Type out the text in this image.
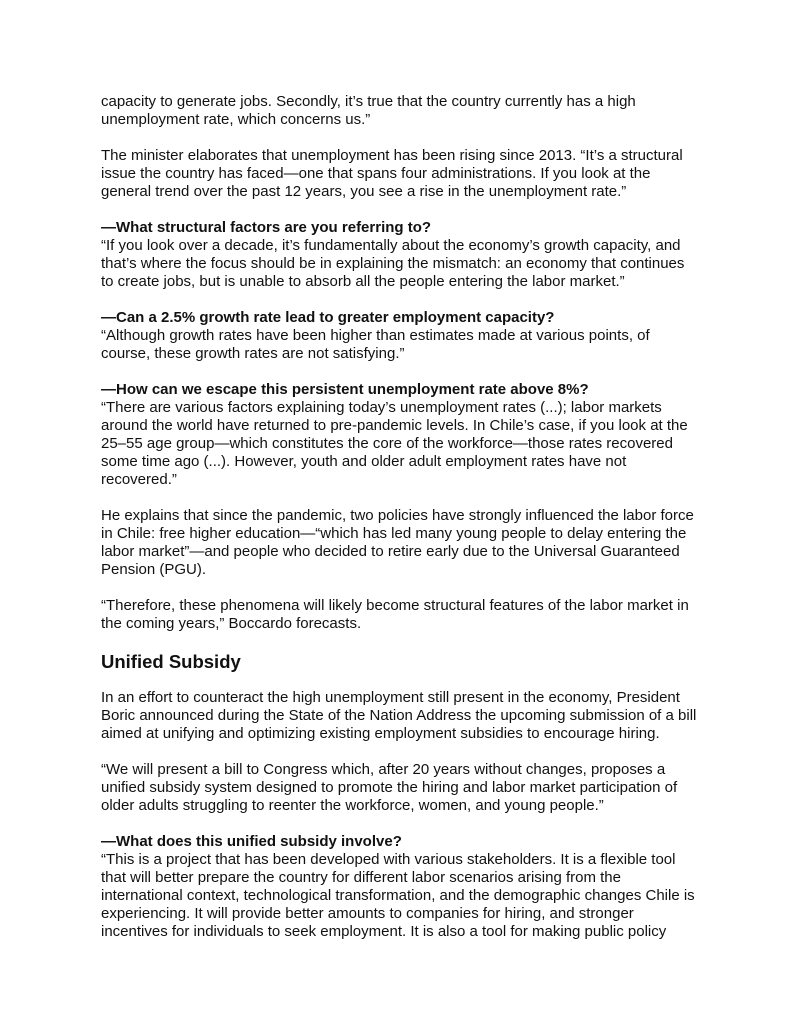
capacity to generate jobs. Secondly, it’s true that the country currently has a high unemployment rate, which concerns us.”

The minister elaborates that unemployment has been rising since 2013. “It’s a structural issue the country has faced—one that spans four administrations. If you look at the general trend over the past 12 years, you see a rise in the unemployment rate.”

—What structural factors are you referring to?
“If you look over a decade, it’s fundamentally about the economy’s growth capacity, and that’s where the focus should be in explaining the mismatch: an economy that continues to create jobs, but is unable to absorb all the people entering the labor market.”
—Can a 2.5% growth rate lead to greater employment capacity?
“Although growth rates have been higher than estimates made at various points, of course, these growth rates are not satisfying.”
—How can we escape this persistent unemployment rate above 8%?
“There are various factors explaining today’s unemployment rates (...); labor markets around the world have returned to pre-pandemic levels. In Chile’s case, if you look at the 25–55 age group—which constitutes the core of the workforce—those rates recovered some time ago (...). However, youth and older adult employment rates have not recovered.”

He explains that since the pandemic, two policies have strongly influenced the labor force in Chile: free higher education—“which has led many young people to delay entering the labor market”—and people who decided to retire early due to the Universal Guaranteed Pension (PGU).

“Therefore, these phenomena will likely become structural features of the labor market in the coming years,” Boccardo forecasts.

Unified Subsidy

In an effort to counteract the high unemployment still present in the economy, President Boric announced during the State of the Nation Address the upcoming submission of a bill aimed at unifying and optimizing existing employment subsidies to encourage hiring.

“We will present a bill to Congress which, after 20 years without changes, proposes a unified subsidy system designed to promote the hiring and labor market participation of older adults struggling to reenter the workforce, women, and young people.”

—What does this unified subsidy involve?
“This is a project that has been developed with various stakeholders. It is a flexible tool that will better prepare the country for different labor scenarios arising from the international context, technological transformation, and the demographic changes Chile is experiencing. It will provide better amounts to companies for hiring, and stronger incentives for individuals to seek employment. It is also a tool for making public policy
